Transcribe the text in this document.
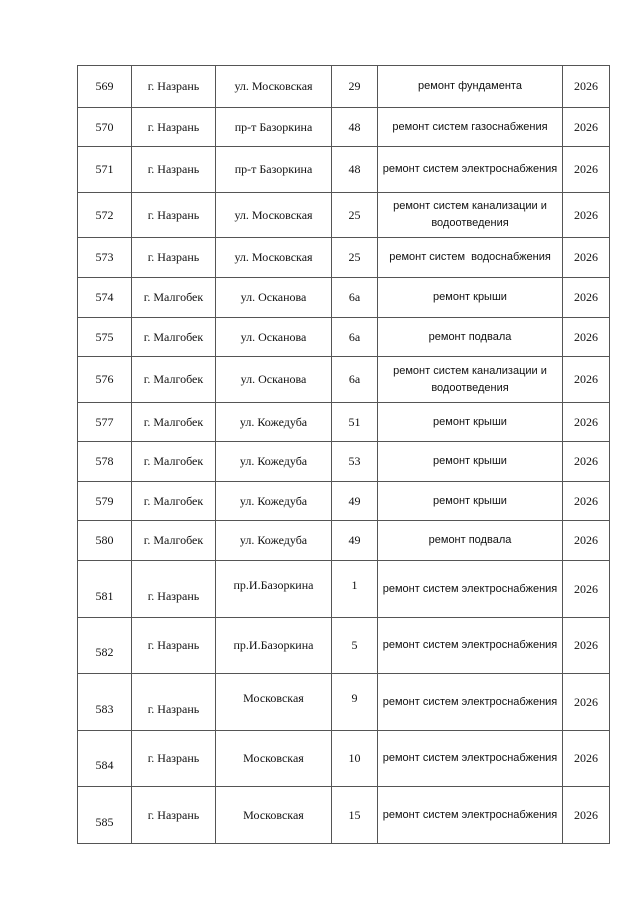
569	г. Назрань	ул. Московская	29	ремонт фундамента	2026
570	г. Назрань	пр-т Базоркина	48	ремонт систем газоснабжения	2026
571	г. Назрань	пр-т Базоркина	48	ремонт систем электроснабжения	2026
572	г. Назрань	ул. Московская	25	ремонт систем канализации и водоотведения	2026
573	г. Назрань	ул. Московская	25	ремонт систем  водоснабжения	2026
574	г. Малгобек	ул. Осканова	6а	ремонт крыши	2026
575	г. Малгобек	ул. Осканова	6а	ремонт подвала	2026
576	г. Малгобек	ул. Осканова	6а	ремонт систем канализации и водоотведения	2026
577	г. Малгобек	ул. Кожедуба	51	ремонт крыши	2026
578	г. Малгобек	ул. Кожедуба	53	ремонт крыши	2026
579	г. Малгобек	ул. Кожедуба	49	ремонт крыши	2026
580	г. Малгобек	ул. Кожедуба	49	ремонт подвала	2026
581	г. Назрань	пр.И.Базоркина	1	ремонт систем электроснабжения	2026
582	г. Назрань	пр.И.Базоркина	5	ремонт систем электроснабжения	2026
583	г. Назрань	Московская	9	ремонт систем электроснабжения	2026
584	г. Назрань	Московская	10	ремонт систем электроснабжения	2026
585	г. Назрань	Московская	15	ремонт систем электроснабжения	2026
